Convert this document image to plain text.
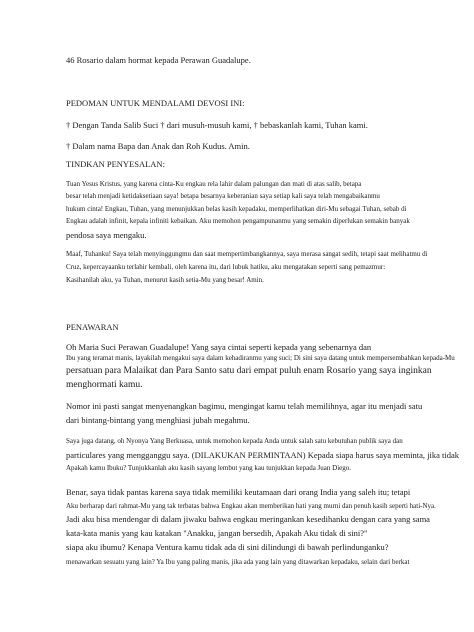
46 Rosario dalam hormat kepada Perawan Guadalupe.
PEDOMAN UNTUK MENDALAMI DEVOSI INI:
† Dengan Tanda Salib Suci † dari musuh-musuh kami, † bebaskanlah kami, Tuhan kami.
† Dalam nama Bapa dan Anak dan Roh Kudus. Amin.
TINDKAN PENYESALAN:
Tuan Yesus Kristus, yang karena cinta-Ku engkau rela lahir dalam palungan dan mati di atas salib, betapa
besar telah menjadi ketidaksetiaan saya! betapa besarnya keberanian saya setiap kali saya telah mengabaikanmu
hukum cinta! Engkau, Tuhan, yang menunjukkan belas kasih kepadaku, memperlihatkan diri-Mu sebagai Tuhan, sebab di
Engkau adalah infinit, kepala infiniti kebaikan. Aku memohon pengampunanmu yang semakin diperlukan semakin banyak
pendosa saya mengaku.
Maaf, Tuhanku! Saya telah menyinggungmu dan saat mempertimbangkannya, saya merasa sangat sedih, tetapi saat melihatmu di
Cruz, kepercayaanku terlahir kembali, oleh karena itu, dari lubuk hatiku, aku mengatakan seperti sang pemazmur:
Kasihanilah aku, ya Tuhan, menurut kasih setia-Mu yang besar! Amin.
PENAWARAN
Oh Maria Suci Perawan Guadalupe! Yang saya cintai seperti kepada yang sebenarnya dan
Ibu yang teramat manis, layakilah mengakui saya dalam kehadiranmu yang suci; Di sini saya datang untuk mempersembahkan kepada-Mu
persatuan para Malaikat dan Para Santo satu dari empat puluh enam Rosario yang saya inginkan
menghormati kamu.
Nomor ini pasti sangat menyenangkan bagimu, mengingat kamu telah memilihnya, agar itu menjadi satu
dari bintang-bintang yang menghiasi jubah megahmu.
Saya juga datang, oh Nyonya Yang Berkuasa, untuk memohon kepada Anda untuk salah satu kebutuhan publik saya dan
particulares yang mengganggu saya. (DILAKUKAN PERMINTAAN) Kepada siapa harus saya meminta, jika tidak
Apakah kamu Ibuku? Tunjukkanlah aku kasih sayang lembut yang kau tunjukkan kepada Juan Diego.
Benar, saya tidak pantas karena saya tidak memiliki keutamaan dari orang India yang saleh itu; tetapi
Aku berharap dari rahmat-Mu yang tak terbatas bahwa Engkau akan memberikan hati yang murni dan penuh kasih seperti hati-Nya.
Jadi aku bisa mendengar di dalam jiwaku bahwa engkau meringankan kesedihanku dengan cara yang sama
kata-kata manis yang kau katakan "Anakku, jangan bersedih, Apakah Aku tidak di sini?"
siapa aku ibumu? Kenapa Ventura kamu tidak ada di sini dilindungi di bawah perlindunganku?
menawarkan sesuatu yang lain? Ya Ibu yang paling manis, jika ada yang lain yang ditawarkan kepadaku, selain dari berkat
